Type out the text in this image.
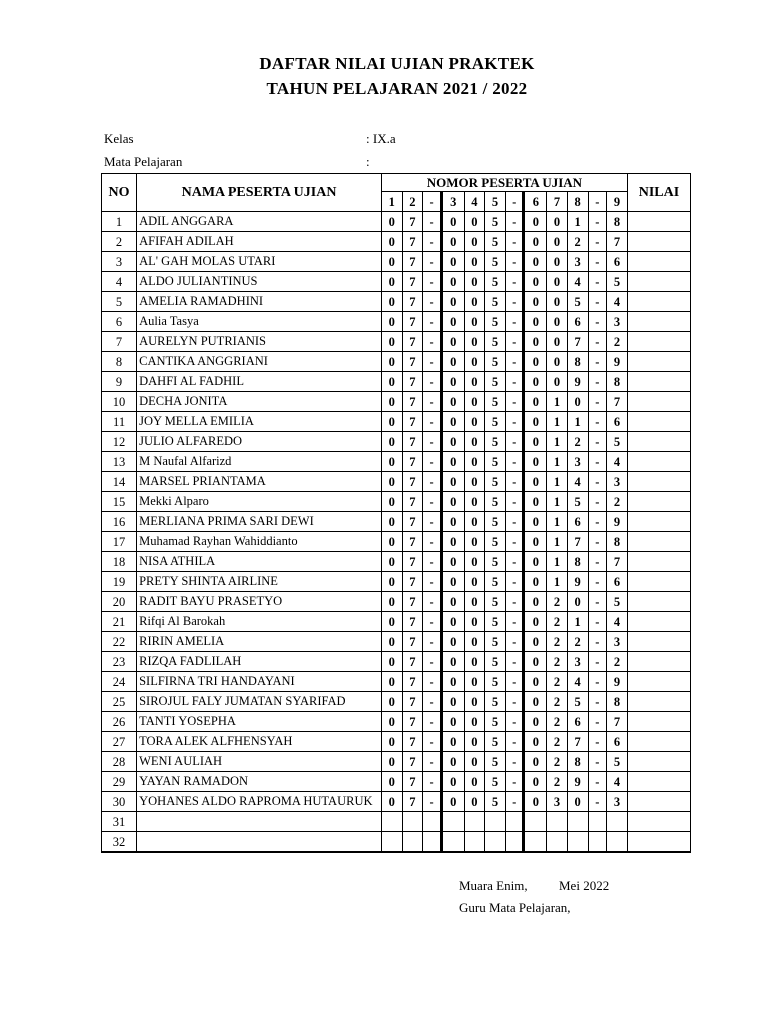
DAFTAR NILAI UJIAN PRAKTEK
TAHUN PELAJARAN 2021 / 2022
Kelas	: IX.a
Mata Pelajaran	:
NO	NAMA PESERTA UJIAN	NOMOR PESERTA UJIAN												NILAI
		1	2	-	3	4	5	-	6	7	8	-	9	
1	ADIL ANGGARA	0	7	-	0	0	5	-	0	0	1	-	8	
2	AFIFAH ADILAH	0	7	-	0	0	5	-	0	0	2	-	7	
3	AL' GAH MOLAS UTARI	0	7	-	0	0	5	-	0	0	3	-	6	
4	ALDO JULIANTINUS	0	7	-	0	0	5	-	0	0	4	-	5	
5	AMELIA RAMADHINI	0	7	-	0	0	5	-	0	0	5	-	4	
6	Aulia Tasya	0	7	-	0	0	5	-	0	0	6	-	3	
7	AURELYN PUTRIANIS	0	7	-	0	0	5	-	0	0	7	-	2	
8	CANTIKA ANGGRIANI	0	7	-	0	0	5	-	0	0	8	-	9	
9	DAHFI AL FADHIL	0	7	-	0	0	5	-	0	0	9	-	8	
10	DECHA JONITA	0	7	-	0	0	5	-	0	1	0	-	7	
11	JOY MELLA EMILIA	0	7	-	0	0	5	-	0	1	1	-	6	
12	JULIO ALFAREDO	0	7	-	0	0	5	-	0	1	2	-	5	
13	M Naufal Alfarizd	0	7	-	0	0	5	-	0	1	3	-	4	
14	MARSEL PRIANTAMA	0	7	-	0	0	5	-	0	1	4	-	3	
15	Mekki Alparo	0	7	-	0	0	5	-	0	1	5	-	2	
16	MERLIANA PRIMA SARI DEWI	0	7	-	0	0	5	-	0	1	6	-	9	
17	Muhamad Rayhan Wahiddianto	0	7	-	0	0	5	-	0	1	7	-	8	
18	NISA ATHILA	0	7	-	0	0	5	-	0	1	8	-	7	
19	PRETY SHINTA AIRLINE	0	7	-	0	0	5	-	0	1	9	-	6	
20	RADIT BAYU PRASETYO	0	7	-	0	0	5	-	0	2	0	-	5	
21	Rifqi Al Barokah	0	7	-	0	0	5	-	0	2	1	-	4	
22	RIRIN AMELIA	0	7	-	0	0	5	-	0	2	2	-	3	
23	RIZQA FADLILAH	0	7	-	0	0	5	-	0	2	3	-	2	
24	SILFIRNA TRI HANDAYANI	0	7	-	0	0	5	-	0	2	4	-	9	
25	SIROJUL FALY JUMATAN SYARIFAD	0	7	-	0	0	5	-	0	2	5	-	8	
26	TANTI YOSEPHA	0	7	-	0	0	5	-	0	2	6	-	7	
27	TORA ALEK ALFHENSYAH	0	7	-	0	0	5	-	0	2	7	-	6	
28	WENI AULIAH	0	7	-	0	0	5	-	0	2	8	-	5	
29	YAYAN RAMADON	0	7	-	0	0	5	-	0	2	9	-	4	
30	YOHANES ALDO RAPROMA HUTAURUK	0	7	-	0	0	5	-	0	3	0	-	3	
31														
32														
Muara Enim, Mei 2022
Guru Mata Pelajaran,
